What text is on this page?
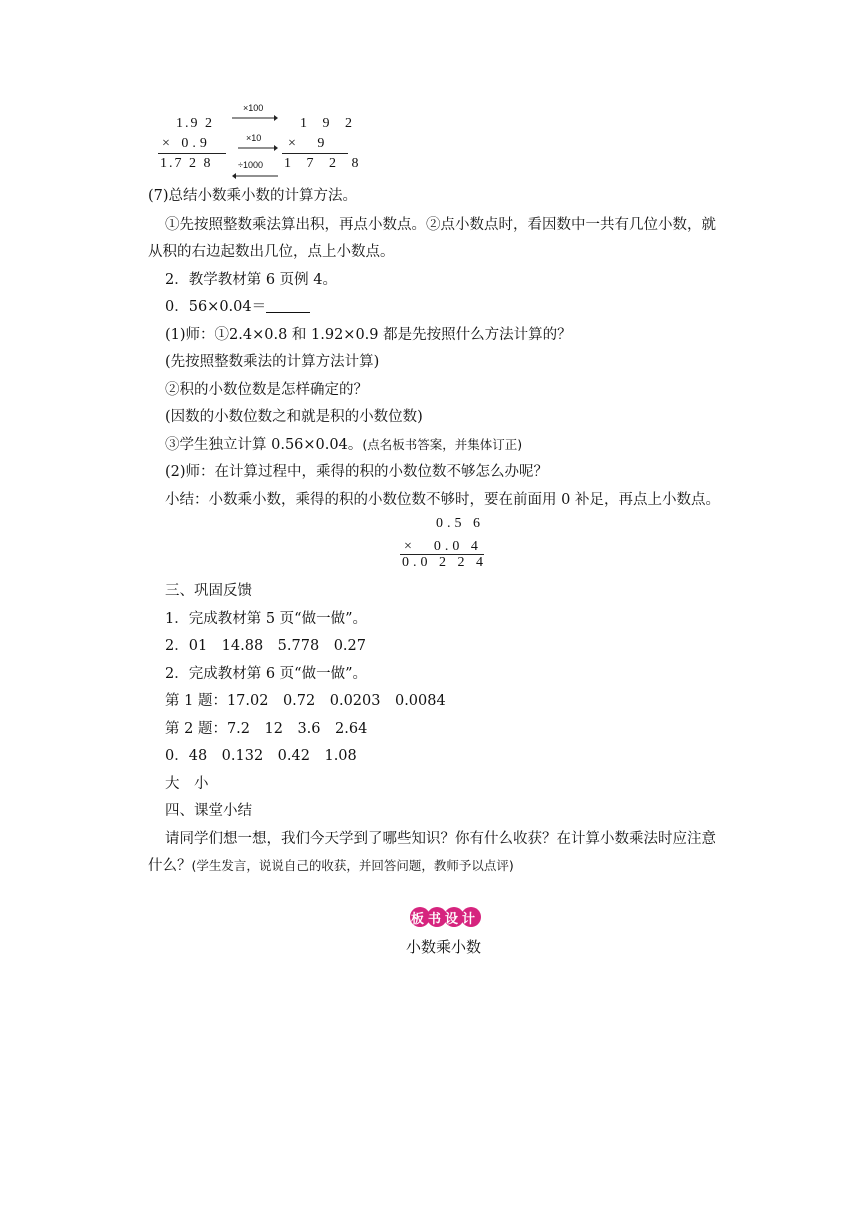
1.9 2
× 0.9
1.7 2 8
×100
×10
÷1000
1 9 2
× 9
1 7 2 8
(7)总结小数乘小数的计算方法。
①先按照整数乘法算出积，再点小数点。②点小数点时，看因数中一共有几位小数，就
从积的右边起数出几位，点上小数点。
2．教学教材第 6 页例 4。
0．56×0.04＝
(1)师：①2.4×0.8 和 1.92×0.9 都是先按照什么方法计算的？
(先按照整数乘法的计算方法计算)
②积的小数位数是怎样确定的？
(因数的小数位数之和就是积的小数位数)
③学生独立计算 0.56×0.04。(点名板书答案，并集体订正)
(2)师：在计算过程中，乘得的积的小数位数不够怎么办呢？
小结：小数乘小数，乘得的积的小数位数不够时，要在前面用 0 补足，再点上小数点。
0.5 6
×　0.0 4
0.0 2 2 4
三、巩固反馈
1．完成教材第 5 页“做一做”。
2．01　14.88　5.778　0.27
2．完成教材第 6 页“做一做”。
第 1 题：17.02　0.72　0.0203　0.0084
第 2 题：7.2　12　3.6　2.64
0．48　0.132　0.42　1.08
大　小
四、课堂小结
请同学们想一想，我们今天学到了哪些知识？你有什么收获？在计算小数乘法时应注意
什么？(学生发言，说说自己的收获，并回答问题，教师予以点评)
板书设计
小数乘小数
